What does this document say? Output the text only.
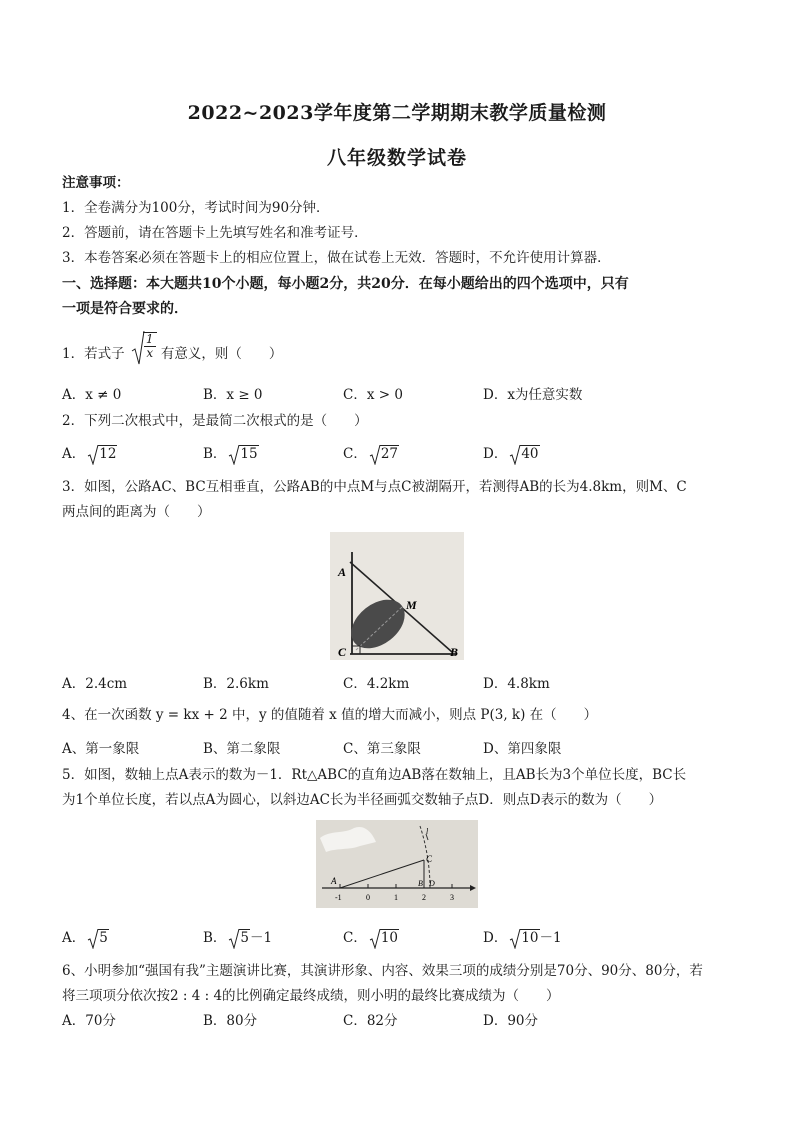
2022~2023学年度第二学期期末教学质量检测
八年级数学试卷
注意事项：
1．全卷满分为100分，考试时间为90分钟．
2．答题前，请在答题卡上先填写姓名和准考证号．
3．本卷答案必须在答题卡上的相应位置上，做在试卷上无效．答题时，不允许使用计算器．
一、选择题：本大题共10个小题，每小题2分，共20分．在每小题给出的四个选项中，只有
一项是符合要求的．
1．若式子 $\frac{1}{x}$ 有意义，则（　　）
A．x ≠ 0	B．x ≥ 0	C．x > 0	D．x为任意实数
2．下列二次根式中，是最简二次根式的是（　　）
A． 12	B． 15	C． 27	D． 40
3．如图，公路AC、BC互相垂直，公路AB的中点M与点C被湖隔开，若测得AB的长为4.8km，则M、C
两点间的距离为（　　）
A
C	B
M
A．2.4cm	B．2.6km	C．4.2km	D．4.8km
4、在一次函数 y = kx + 2 中，y 的值随着 x 值的增大而减小，则点 P(3, k) 在（　　）
A、第一象限	B、第二象限	C、第三象限	D、第四象限
5．如图，数轴上点A表示的数为－1．Rt△ABC的直角边AB落在数轴上，且AB长为3个单位长度，BC长
为1个单位长度，若以点A为圆心，以斜边AC长为半径画弧交数轴子点D．则点D表示的数为（　　）
A
C
B D
l
-1	0	1	2	3
A． 5	B． 5－1	C． 10	D． 10－1
6、小明参加“强国有我”主题演讲比赛，其演讲形象、内容、效果三项的成绩分别是70分、90分、80分，若
将三项项分依次按2 : 4 : 4的比例确定最终成绩，则小明的最终比赛成绩为（　　）
A．70分	B．80分	C．82分	D．90分
